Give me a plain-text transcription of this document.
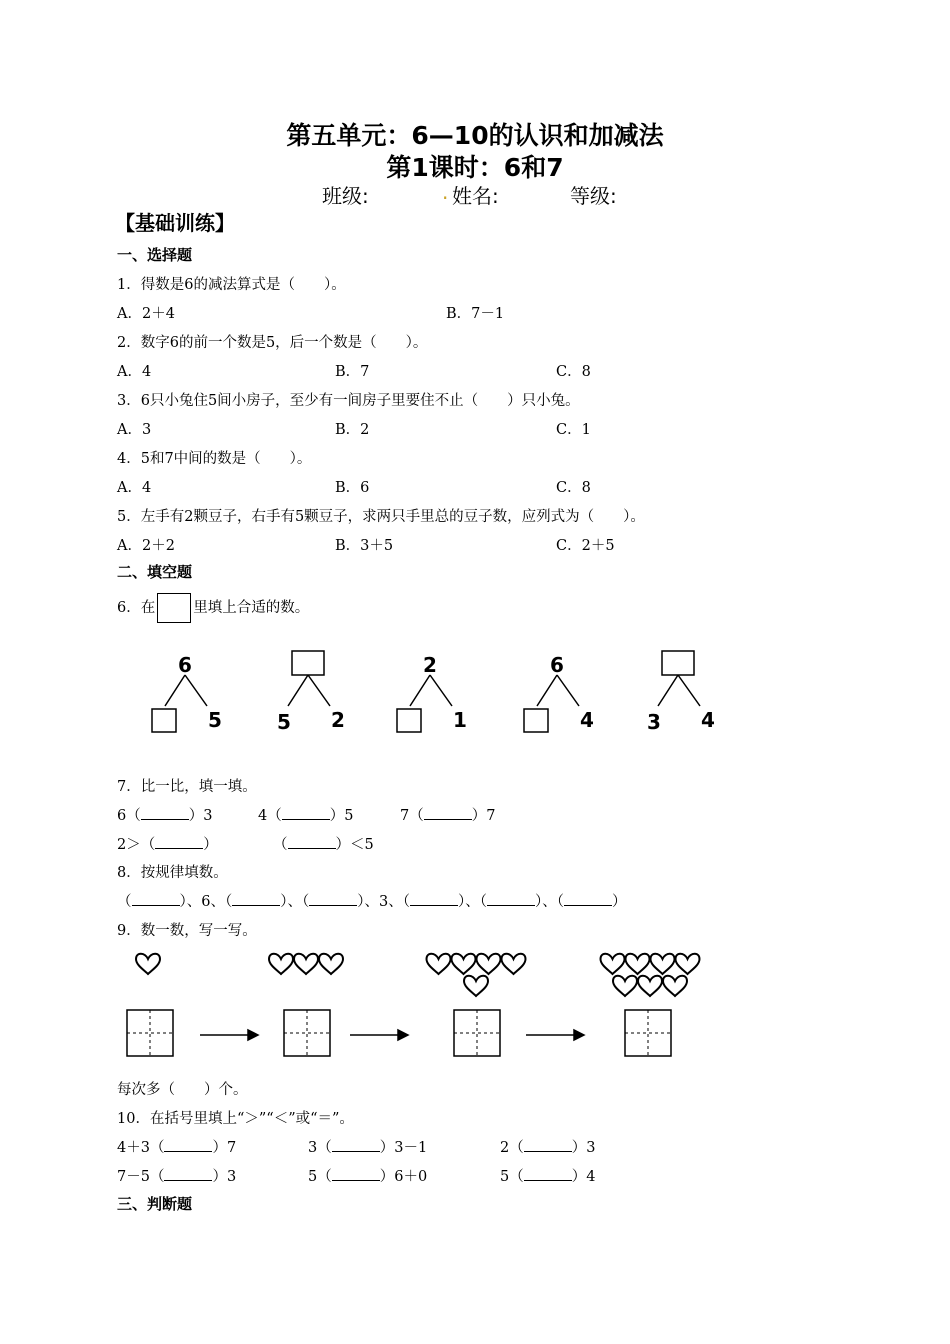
第五单元：6—10的认识和加减法
第1课时：6和7
班级:	. 姓名:	等级:
【基础训练】
一、选择题
1．得数是6的减法算式是（　　）。
A．2＋4	B．7－1
2．数字6的前一个数是5，后一个数是（　　）。
A．4	B．7	C．8
3．6只小兔住5间小房子，至少有一间房子里要住不止（　　）只小兔。
A．3	B．2	C．1
4．5和7中间的数是（　　）。
A．4	B．6	C．8
5．左手有2颗豆子，右手有5颗豆子，求两只手里总的豆子数，应列式为（　　）。
A．2＋2	B．3＋5	C．2＋5
二、填空题
6．在	里填上合适的数。
6
5	5 2
2
1
6
4	3 4
7．比一比，填一填。
6（	）3	4（	）5	7（	）7
2＞（	）	（	）＜5
8．按规律填数。
（	）、6、（	）、（	）、3、（	）、（	）、（	）
9．数一数，写一写。
每次多（　　）个。
10．在括号里填上“＞”“＜”或“＝”。
4＋3（	）7	3（	）3－1	2（	）3
7－5（	）3	5（	）6＋0	5（	）4
三、判断题
